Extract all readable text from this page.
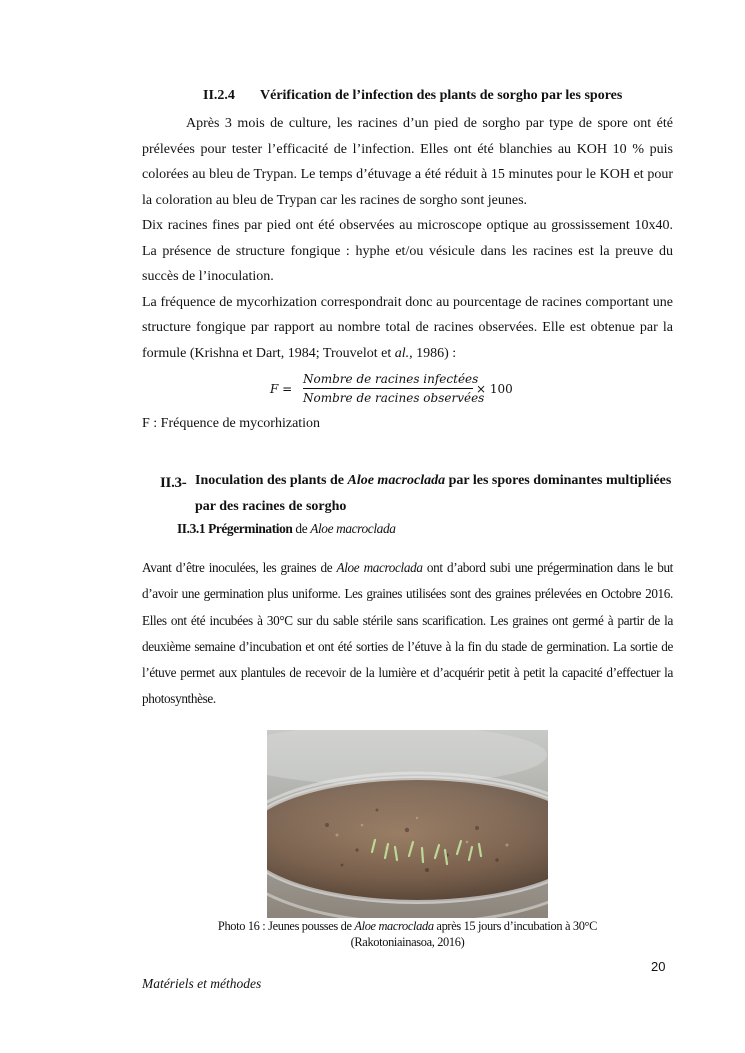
II.2.4 Vérification de l’infection des plants de sorgho par les spores

Après 3 mois de culture, les racines d’un pied de sorgho par type de spore ont été prélevées pour tester l’efficacité de l’infection. Elles ont été blanchies au KOH 10 % puis colorées au bleu de Trypan. Le temps d’étuvage a été réduit à 15 minutes pour le KOH et pour la coloration au bleu de Trypan car les racines de sorgho sont jeunes.

Dix racines fines par pied ont été observées au microscope optique au grossissement 10x40. La présence de structure fongique : hyphe et/ou vésicule dans les racines est la preuve du succès de l’inoculation.

La fréquence de mycorhization correspondrait donc au pourcentage de racines comportant une structure fongique par rapport au nombre total de racines observées. Elle est obtenue par la formule (Krishna et Dart, 1984; Trouvelot et al., 1986) :

F =
Nombre de racines infectées
Nombre de racines observées
× 100

F : Fréquence de mycorhization

II.3- Inoculation des plants de Aloe macroclada par les spores dominantes multipliées par des racines de sorgho
II.3.1 Prégermination de Aloe macroclada

Avant d’être inoculées, les graines de Aloe macroclada ont d’abord subi une prégermination dans le but d’avoir une germination plus uniforme. Les graines utilisées sont des graines prélevées en Octobre 2016. Elles ont été incubées à 30°C sur du sable stérile sans scarification. Les graines ont germé à partir de la deuxième semaine d’incubation et ont été sorties de l’étuve à la fin du stade de germination. La sortie de l’étuve permet aux plantules de recevoir de la lumière et d’acquérir petit à petit la capacité d’effectuer la photosynthèse.

Photo 16 : Jeunes pousses de Aloe macroclada après 15 jours d’incubation à 30°C
(Rakotoniainasoa, 2016)
20
Matériels et méthodes
